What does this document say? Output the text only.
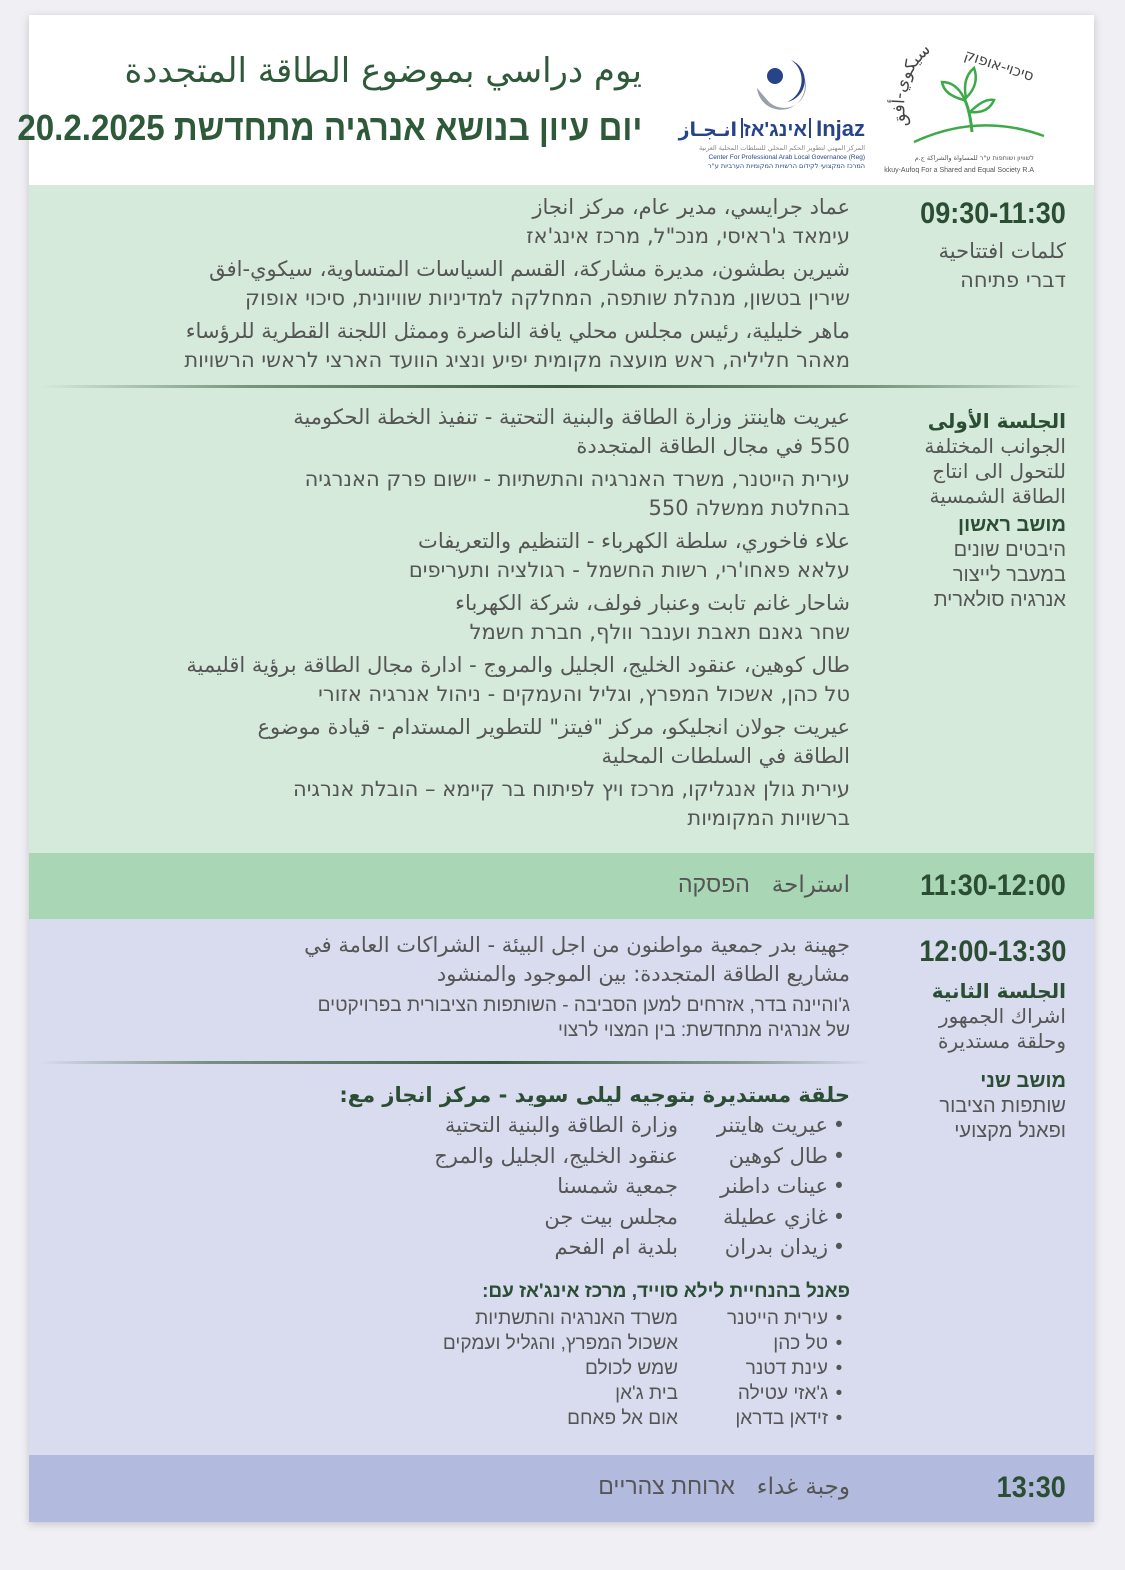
يوم دراسي بموضوع الطاقة المتجددة
יום עיון בנושא אנרגיה מתחדשת 20.2.2025	Injaz
אינג'אז
انـجـاز
المركز المهني لتطوير الحكم المحلي للسلطات المحلية العربية
Center For Professional Arab Local Governance (Reg)
המרכז המקצועי לקידום הרשויות המקומיות הערביות ע"ר
سيكوي-أفق סיכוי-אופוק
לשוויון ושותפות ע"ר للمساواة والشراكة ج.م
Sikkuy-Aufoq For a Shared and Equal Society R.A
09:30-11:30
كلمات افتتاحية
דברי פתיחה
عماد جرايسي، مدير عام، مركز انجاز
עימאד ג'ראיסי, מנכ"ל, מרכז אינג'אז
شيرين بطشون، مديرة مشاركة، القسم السياسات المتساوية، سيكوي-افق
שירין בטשון, מנהלת שותפה, המחלקה למדיניות שוויונית, סיכוי אופוק
ماهر خليلية، رئيس مجلس محلي يافة الناصرة وممثل اللجنة القطرية للرؤساء
מאהר חליליה, ראש מועצה מקומית יפיע ונציג הוועד הארצי לראשי הרשויות
الجلسة الأولى
الجوانب المختلفة
للتحول الى انتاج
الطاقة الشمسية
מושב ראשון
היבטים שונים
במעבר לייצור
אנרגיה סולארית
عيريت هاينتز وزارة الطاقة والبنية التحتية - تنفيذ الخطة الحكومية
550 في مجال الطاقة المتجددة
עירית הייטנר, משרד האנרגיה והתשתיות - יישום פרק האנרגיה
בהחלטת ממשלה 550
علاء فاخوري، سلطة الكهرباء - التنظيم والتعريفات
עלאא פאחו'רי, רשות החשמל - רגולציה ותעריפים
شاحار غانم تابت وعنبار فولف، شركة الكهرباء
שחר גאנם תאבת וענבר וולף, חברת חשמל
طال كوهين، عنقود الخليج، الجليل والمروج - ادارة مجال الطاقة برؤية اقليمية
טל כהן, אשכול המפרץ, וגליל והעמקים - ניהול אנרגיה אזורי
عيريت جولان انجليكو، مركز "فيتز" للتطوير المستدام - قيادة موضوع
الطاقة في السلطات المحلية
עירית גולן אנגליקו, מרכז ויץ לפיתוח בר קיימא – הובלת אנרגיה
ברשויות המקומיות
11:30-12:00
استراحة   הפסקה
12:00-13:30
الجلسة الثانية
اشراك الجمهور
وحلقة مستديرة
מושב שני
שותפות הציבור
ופאנל מקצועי
جهينة بدر جمعية مواطنون من اجل البيئة - الشراكات العامة في
مشاريع الطاقة المتجددة: بين الموجود والمنشود
ג'והיינה בדר, אזרחים למען הסביבה - השותפות הציבורית בפרויקטים
של אנרגיה מתחדשת: בין המצוי לרצוי
حلقة مستديرة بتوجيه ليلى سويد - مركز انجاز مع:
•
عيريت هايتنر
وزارة الطاقة والبنية التحتية
•
طال كوهين
عنقود الخليج، الجليل والمرج
•
عينات داطنر
جمعية شمسنا
•
غازي عطيلة
مجلس بيت جن
•
زيدان بدران
بلدية ام الفحم
פאנל בהנחיית לילא סוייד, מרכז אינג'אז עם:
•
עירית הייטנר
משרד האנרגיה והתשתיות
•
טל כהן
אשכול המפרץ, והגליל ועמקים
•
עינת דטנר
שמש לכולם
•
ג'אזי עטילה
בית ג'אן
•
זידאן בדראן
אום אל פאחם
13:30
وجبة غداء   ארוחת צהריים
